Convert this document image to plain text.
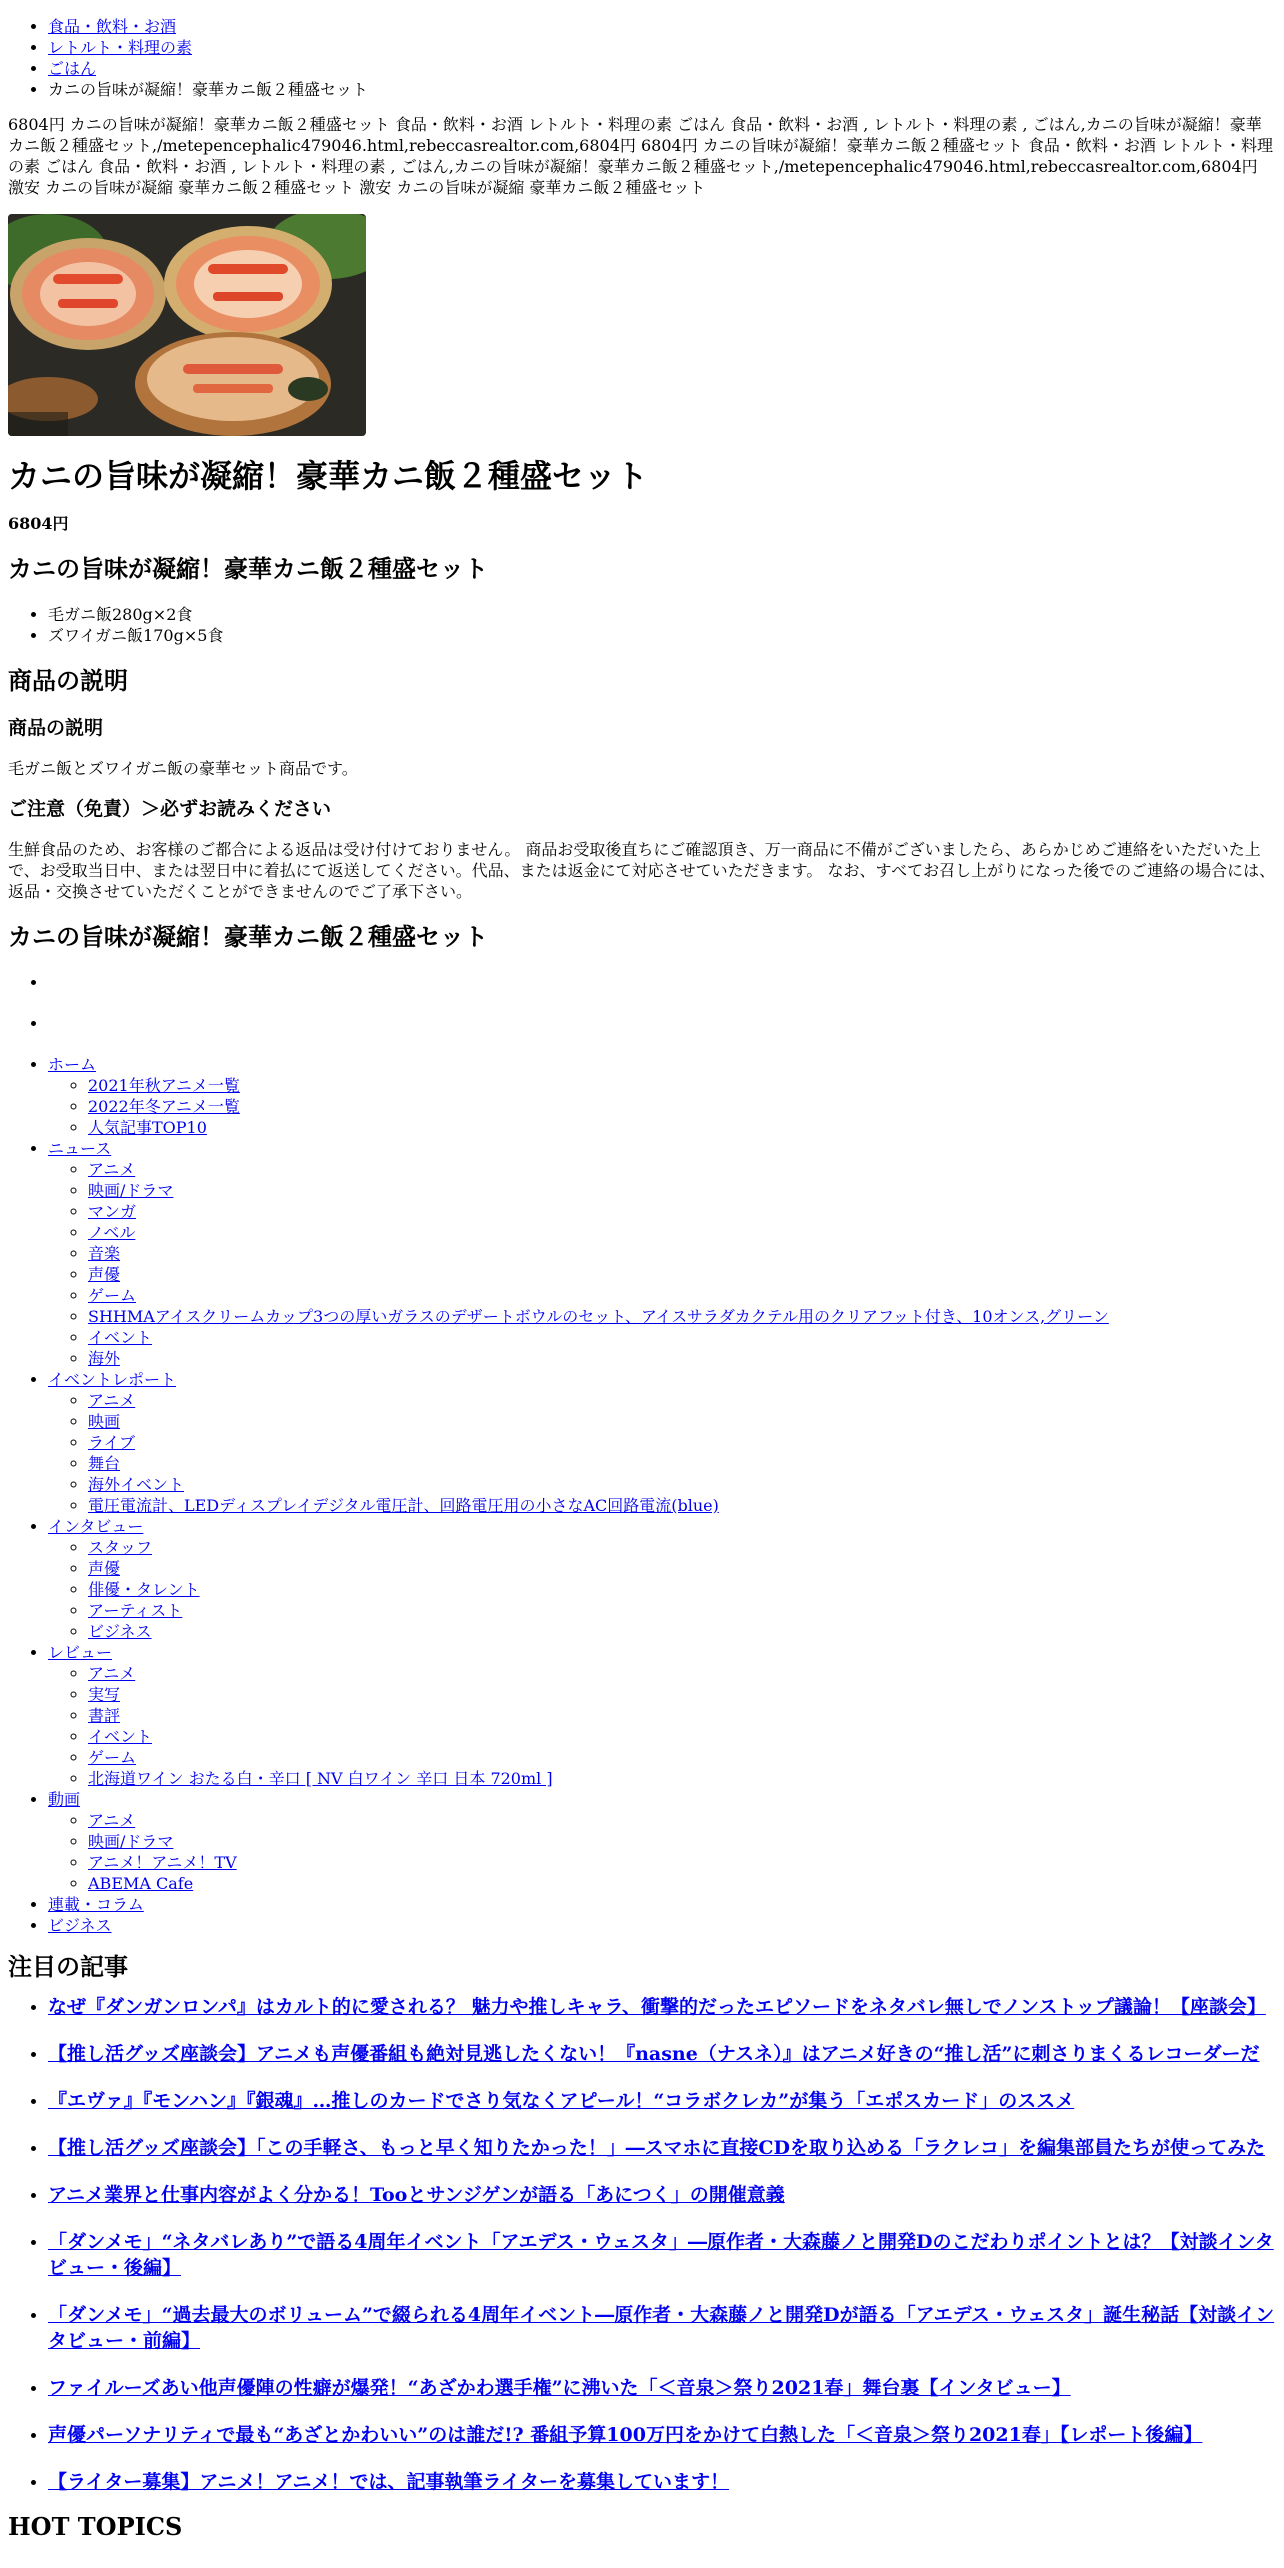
• 食品・飲料・お酒
• レトルト・料理の素
• ごはん
• カニの旨味が凝縮！豪華カニ飯２種盛セット
6804円 カニの旨味が凝縮！豪華カニ飯２種盛セット 食品・飲料・お酒 レトルト・料理の素 ごはん 食品・飲料・お酒 , レトルト・料理の素 , ごはん,カニの旨味が凝縮！豪華カニ飯２種盛セット,/metepencephalic479046.html,rebeccasrealtor.com,6804円 6804円 カニの旨味が凝縮！豪華カニ飯２種盛セット 食品・飲料・お酒 レトルト・料理の素 ごはん 食品・飲料・お酒 , レトルト・料理の素 , ごはん,カニの旨味が凝縮！豪華カニ飯２種盛セット,/metepencephalic479046.html,rebeccasrealtor.com,6804円 激安 カニの旨味が凝縮 豪華カニ飯２種盛セット 激安 カニの旨味が凝縮 豪華カニ飯２種盛セット
カニの旨味が凝縮！豪華カニ飯２種盛セット
6804円
カニの旨味が凝縮！豪華カニ飯２種盛セット
• 毛ガニ飯280g×2食
• ズワイガニ飯170g×5食
商品の説明
商品の説明

毛ガニ飯とズワイガニ飯の豪華セット商品です。

ご注意（免責）＞必ずお読みください

生鮮食品のため、お客様のご都合による返品は受け付けておりません。 商品お受取後直ちにご確認頂き、万一商品に不備がございましたら、あらかじめご連絡をいただいた上で、お受取当日中、または翌日中に着払にて返送してください。代品、または返金にて対応させていただきます。 なお、すべてお召し上がりになった後でのご連絡の場合には、返品・交換させていただくことができませんのでご了承下さい。

カニの旨味が凝縮！豪華カニ飯２種盛セット
•
•
• ホーム
◦ 2021年秋アニメ一覧
◦ 2022年冬アニメ一覧
◦ 人気記事TOP10
• ニュース
◦ アニメ
◦ 映画/ドラマ
◦ マンガ
◦ ノベル
◦ 音楽
◦ 声優
◦ ゲーム
◦ SHHMAアイスクリームカップ3つの厚いガラスのデザートボウルのセット、アイスサラダカクテル用のクリアフット付き、10オンス,グリーン
◦ イベント
◦ 海外
• イベントレポート
◦ アニメ
◦ 映画
◦ ライブ
◦ 舞台
◦ 海外イベント
◦ 電圧電流計、LEDディスプレイデジタル電圧計、回路電圧用の小さなAC回路電流(blue)
• インタビュー
◦ スタッフ
◦ 声優
◦ 俳優・タレント
◦ アーティスト
◦ ビジネス
• レビュー
◦ アニメ
◦ 実写
◦ 書評
◦ イベント
◦ ゲーム
◦ 北海道ワイン おたる白・辛口 [ NV 白ワイン 辛口 日本 720ml ]
• 動画
◦ アニメ
◦ 映画/ドラマ
◦ アニメ！アニメ！TV
◦ ABEMA Cafe
• 連載・コラム
• ビジネス
注目の記事
• なぜ『ダンガンロンパ』はカルト的に愛される？ 魅力や推しキャラ、衝撃的だったエピソードをネタバレ無しでノンストップ議論！【座談会】
• 【推し活グッズ座談会】アニメも声優番組も絶対見逃したくない！『nasne（ナスネ）』はアニメ好きの“推し活”に刺さりまくるレコーダーだ
• 『エヴァ』『モンハン』『銀魂』…推しのカードでさり気なくアピール！“コラボクレカ”が集う「エポスカード」のススメ
• 【推し活グッズ座談会】「この手軽さ、もっと早く知りたかった！」―スマホに直接CDを取り込める「ラクレコ」を編集部員たちが使ってみた
• アニメ業界と仕事内容がよく分かる！Tooとサンジゲンが語る「あにつく」の開催意義
• 「ダンメモ」“ネタバレあり”で語る4周年イベント「アエデス・ウェスタ」―原作者・大森藤ノと開発Dのこだわりポイントとは？【対談インタビュー・後編】
• 「ダンメモ」“過去最大のボリューム”で綴られる4周年イベント―原作者・大森藤ノと開発Dが語る「アエデス・ウェスタ」誕生秘話【対談インタビュー・前編】
• ファイルーズあい他声優陣の性癖が爆発！“あざかわ選手権”に沸いた「＜音泉＞祭り2021春」舞台裏【インタビュー】
• 声優パーソナリティで最も“あざとかわいい”のは誰だ!? 番組予算100万円をかけて白熱した「＜音泉＞祭り2021春」【レポート後編】
• 【ライター募集】アニメ！アニメ！では、記事執筆ライターを募集しています！
HOT TOPICS
